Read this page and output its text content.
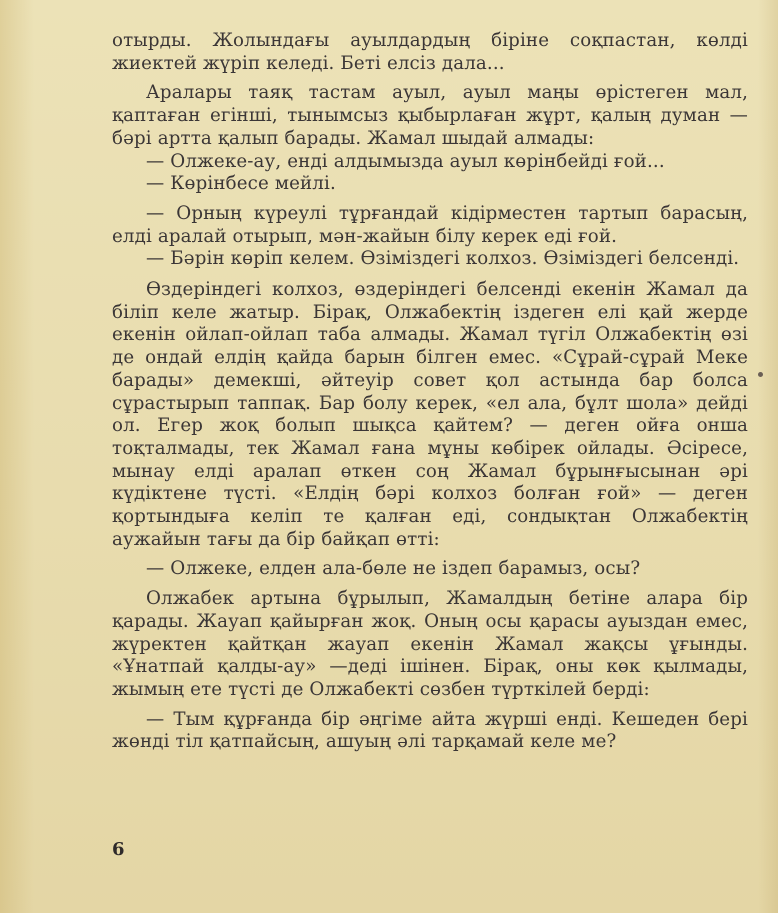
отырды. Жолындағы ауылдардың біріне соқпастан, көлді жиектей жүріп келеді. Беті елсіз дала...

Аралары таяқ тастам ауыл, ауыл маңы өрістеген мал, қаптаған егінші, тынымсыз қыбырлаған жұрт, қалың думан — бәрі артта қалып барады. Жамал шыдай алмады:

— Олжеке-ау, енді алдымызда ауыл көрінбейді ғой...

— Көрінбесе мейлі.

— Орның күреулі тұрғандай кідірместен тартып барасың, елді аралай отырып, мән-жайын білу керек еді ғой.

— Бәрін көріп келем. Өзіміздегі колхоз. Өзіміздегі белсенді.

Өздеріндегі колхоз, өздеріндегі белсенді екенін Жамал да біліп келе жатыр. Бірақ, Олжабектің іздеген елі қай жерде екенін ойлап-ойлап таба алмады. Жамал түгіл Олжабектің өзі де ондай елдің қайда барын білген емес. «Сұрай-сұрай Меке барады» демекші, әйтеуір совет қол астында бар болса сұрастырып таппақ. Бар болу керек, «ел ала, бұлт шола» дейді ол. Егер жоқ болып шықса қайтем? — деген ойға онша тоқталмады, тек Жамал ғана мұны көбірек ойлады. Әсіресе, мынау елді аралап өткен соң Жамал бұрынғысынан әрі күдіктене түсті. «Елдің бәрі колхоз болған ғой» — деген қортындыға келіп те қалған еді, сондықтан Олжабектің аужайын тағы да бір байқап өтті:

— Олжеке, елден ала-бөле не іздеп барамыз, осы?

Олжабек артына бұрылып, Жамалдың бетіне алара бір қарады. Жауап қайырған жоқ. Оның осы қарасы ауыздан емес, жүректен қайтқан жауап екенін Жамал жақсы ұғынды. «Ұнатпай қалды-ау» —деді ішінен. Бірақ, оны көк қылмады, жымың ете түсті де Олжабекті сөзбен түрткілей берді:

— Тым құрғанда бір әңгіме айта жүрші енді. Кешеден бері жөнді тіл қатпайсың, ашуың әлі тарқамай келе ме?

6
